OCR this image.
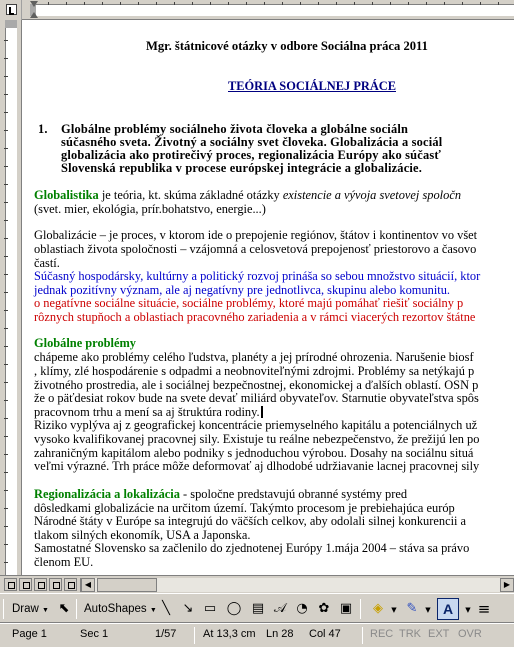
Mgr. štátnicové otázky v odbore Sociálna práca 2011
TEÓRIA SOCIÁLNEJ PRÁCE
1. Globálne problémy sociálneho života človeka a globálne sociáln
súčasného sveta. Životný a sociálny svet človeka. Globalizácia a sociál
globalizácia ako protirečivý proces, regionalizácia Európy ako súčasť
Slovenská republika v procese európskej integrácie a globalizácie.
Globalistika je teória, kt. skúma základné otázky existencie a vývoja svetovej spoločn
(svet. mier, ekológia, prír.bohatstvo, energie...)
Globalizácie – je proces, v ktorom ide o prepojenie regiónov, štátov i kontinentov vo všet
oblastiach života spoločnosti – vzájomná a celosvetová prepojenosť priestorovo a časovo
častí.
Súčasný hospodársky, kultúrny a politický rozvoj prináša so sebou množstvo situácií, ktor
jednak pozitívny význam, ale aj negatívny pre jednotlivca, skupinu alebo komunitu.
o negatívne sociálne situácie, sociálne problémy, ktoré majú pomáhať riešiť sociálny p
rôznych stupňoch a oblastiach pracovného zariadenia a v rámci viacerých rezortov štátne
Globálne problémy
chápeme ako problémy celého ľudstva, planéty a jej prírodné ohrozenia. Narušenie biosf
, klímy, zlé hospodárenie s odpadmi a neobnoviteľnými zdrojmi. Problémy sa netýkajú p
životného prostredia, ale i sociálnej bezpečnostnej, ekonomickej a ďalších oblastí. OSN p
že o päťdesiat rokov bude na svete devať miliárd obyvateľov. Starnutie obyvateľstva spôs
pracovnom trhu a mení sa aj štruktúra rodiny.
Riziko vyplýva aj z geografickej koncentrácie priemyselného kapitálu a potenciálnych už
vysoko kvalifikovanej pracovnej sily. Existuje tu reálne nebezpečenstvo, že prežijú len po
zahraničným kapitálom alebo podniky s jednoduchou výrobou. Dosahy na sociálnu situá
veľmi výrazné. Trh práce môže deformovať aj dlhodobé udržiavanie lacnej pracovnej sily
Regionalizácia a lokalizácia - spoločne predstavujú obranné systémy pred
dôsledkami globalizácie na určitom území. Takýmto procesom je prebiehajúca európ
Národné štáty v Európe sa integrujú do väčších celkov, aby odolali silnej konkurencii a
tlakom silných ekonomík, USA a Japonska.
Samostatné Slovensko sa začlenilo do zjednotenej Európy 1.mája 2004 – stáva sa právo
členom EU.
◀	▶
Draw ▼ ⬉ AutoShapes ▼ ╲ ↘ ▭ ◯ ▤ 𝒜 ◔ ✿ ▣ ◈	▼ ✎	▼ A	▼ ≡
Page 1	Sec 1	1/57 At 13,3 cm Ln 28 Col 47	REC TRK EXT OVR
